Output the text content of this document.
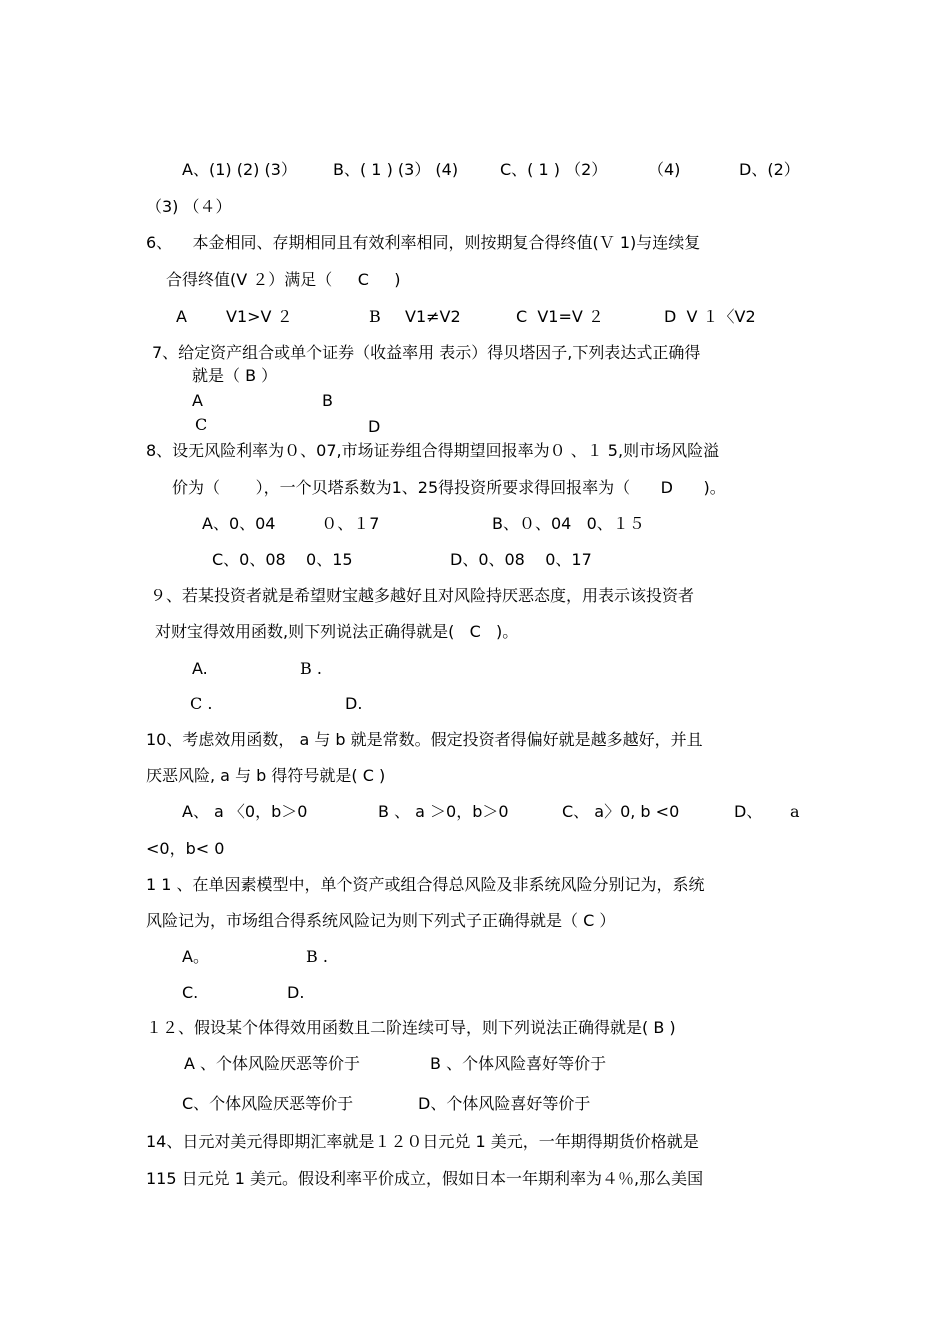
A、(1) (2) (3） B、( 1 ) (3） (4)	C、( 1 ) （2）	（4)	D、(2）
（3) （４）
6、    本金相同、存期相同且有效利率相同，则按期复合得终值(Ｖ 1)与连续复
合得终值(V ２）满足（     C     )
A V1>V ２	B V1≠V2	C  V1=V ２	D  V １〈V2
7、给定资产组合或单个证券（收益率用 表示）得贝塔因子,下列表达式正确得
就是（ B ）
A	B
C	D
8、设无风险利率为０、07,市场证券组合得期望回报率为０ 、１ 5,则市场风险溢
价为（       ），一个贝塔系数为1、25得投资所要求得回报率为（      D      )。
A、0、04         ０、１7	B、０、04   0、１５
C、0、08    0、15	D、0、08    0、17
９、若某投资者就是希望财宝越多越好且对风险持厌恶态度，用表示该投资者
对财宝得效用函数,则下列说法正确得就是(   C   )。
A.	B .
C .	D.
10、考虑效用函数， a 与 b 就是常数。假定投资者得偏好就是越多越好，并且
厌恶风险, a 与 b 得符号就是( C )
A、 a 〈0，b＞0	B 、 a ＞0，b＞0	C、 a〉0, b <0	D、 a
<0，b< 0
1 1 、在单因素模型中，单个资产或组合得总风险及非系统风险分别记为，系统
风险记为，市场组合得系统风险记为则下列式子正确得就是（ C ）
A。	B .
C.	D.
１２、假设某个体得效用函数且二阶连续可导，则下列说法正确得就是( B )
A 、个体风险厌恶等价于	B 、个体风险喜好等价于
C、个体风险厌恶等价于	D、个体风险喜好等价于
14、日元对美元得即期汇率就是１２０日元兑 1 美元，一年期得期货价格就是
115 日元兑 1 美元。假设利率平价成立，假如日本一年期利率为４％,那么美国
